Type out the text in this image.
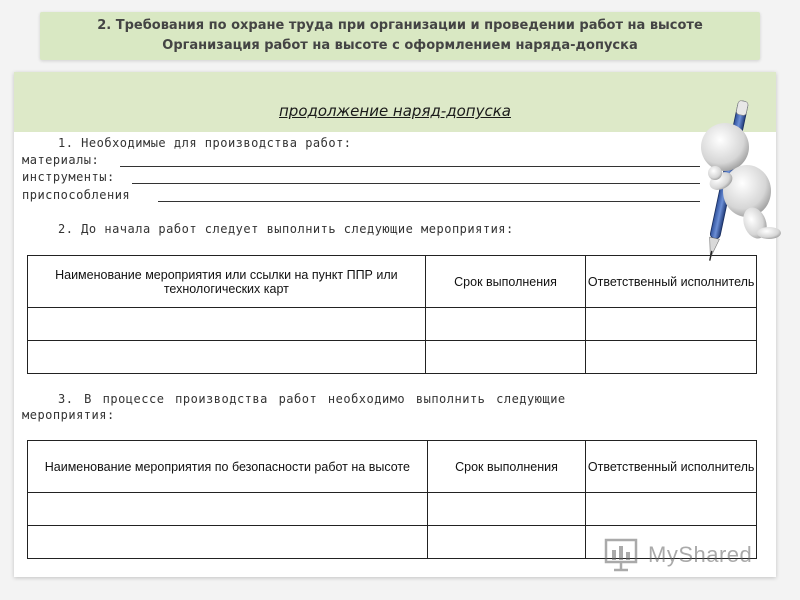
2. Требования по охране труда при организации и проведении работ на высоте
Организация работ на высоте с оформлением наряда-допуска
продолжение наряд-допуска
1. Необходимые для производства работ:
материалы:
инструменты:
приспособления
2. До начала работ следует выполнить следующие мероприятия:
Наименование мероприятия или ссылки на пункт ППР или технологических карт	Срок выполнения	Ответственный исполнитель

3. В процессе производства работ необходимо выполнить следующие
мероприятия:
Наименование мероприятия по безопасности работ на высоте	Срок выполнения	Ответственный исполнитель

MyShared
